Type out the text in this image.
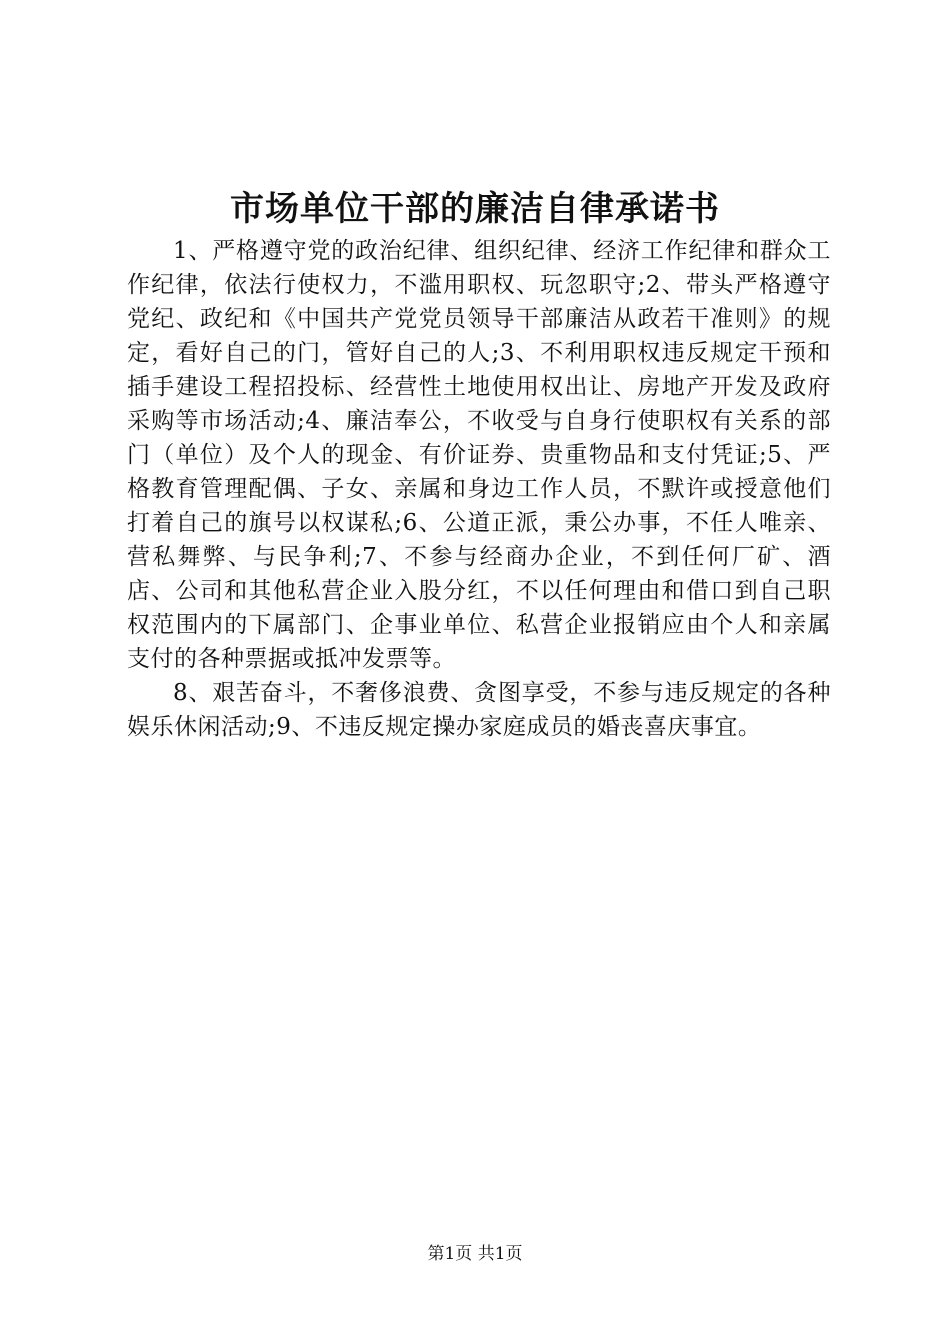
市场单位干部的廉洁自律承诺书

1、严格遵守党的政治纪律、组织纪律、经济工作纪律和群众工作纪律，依法行使权力，不滥用职权、玩忽职守;2、带头严格遵守党纪、政纪和《中国共产党党员领导干部廉洁从政若干准则》的规定，看好自己的门，管好自己的人;3、不利用职权违反规定干预和插手建设工程招投标、经营性土地使用权出让、房地产开发及政府采购等市场活动;4、廉洁奉公，不收受与自身行使职权有关系的部门（单位）及个人的现金、有价证券、贵重物品和支付凭证;5、严格教育管理配偶、子女、亲属和身边工作人员，不默许或授意他们打着自己的旗号以权谋私;6、公道正派，秉公办事，不任人唯亲、营私舞弊、与民争利;7、不参与经商办企业，不到任何厂矿、酒店、公司和其他私营企业入股分红，不以任何理由和借口到自己职权范围内的下属部门、企事业单位、私营企业报销应由个人和亲属支付的各种票据或抵冲发票等。

8、艰苦奋斗，不奢侈浪费、贪图享受，不参与违反规定的各种娱乐休闲活动;9、不违反规定操办家庭成员的婚丧喜庆事宜。

第1页 共1页
